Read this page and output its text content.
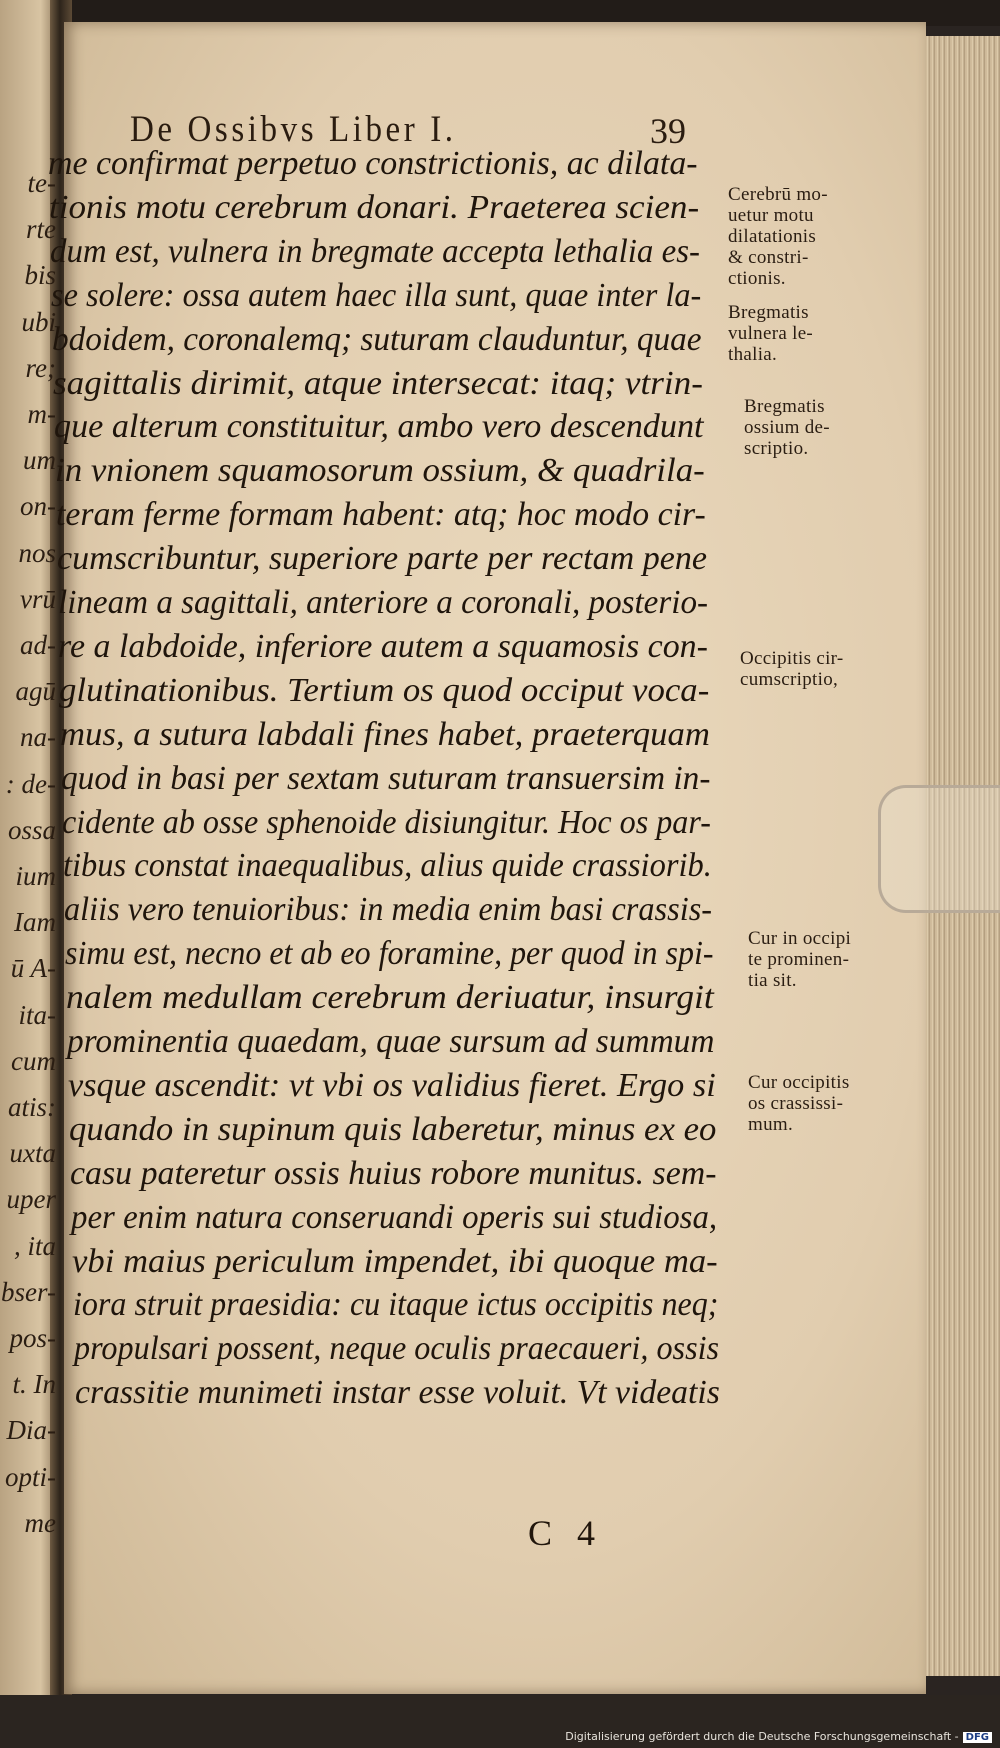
te-
rte
bis
ubi
re;
m-
um
on-
nos
vrū
ad-
agū
na-
: de-
ossa
ium
Iam
ū A-
ita-
cum
atis:
uxta
uper
, ita
bser-
pos-
t. In
Dia-
opti-
me
De Ossibvs Liber I.	39
me confirmat perpetuo constrictionis, ac dilata-
tionis motu cerebrum donari. Praeterea scien-
dum est, vulnera in bregmate accepta lethalia es-
se solere: ossa autem haec illa sunt, quae inter la-
bdoidem, coronalemq; suturam clauduntur, quae
sagittalis dirimit, atque intersecat: itaq; vtrin-
que alterum constituitur, ambo vero descendunt
in vnionem squamosorum ossium, & quadrila-
teram ferme formam habent: atq; hoc modo cir-
cumscribuntur, superiore parte per rectam pene
lineam a sagittali, anteriore a coronali, posterio-
re a labdoide, inferiore autem a squamosis con-
glutinationibus. Tertium os quod occiput voca-
mus, a sutura labdali fines habet, praeterquam
quod in basi per sextam suturam transuersim in-
cidente ab osse sphenoide disiungitur. Hoc os par-
tibus constat inaequalibus, alius quide crassiorib.
aliis vero tenuioribus: in media enim basi crassis-
simu est, necno et ab eo foramine, per quod in spi-
nalem medullam cerebrum deriuatur, insurgit
prominentia quaedam, quae sursum ad summum
vsque ascendit: vt vbi os validius fieret. Ergo si
quando in supinum quis laberetur, minus ex eo
casu pateretur ossis huius robore munitus. sem-
per enim natura conseruandi operis sui studiosa,
vbi maius periculum impendet, ibi quoque ma-
iora struit praesidia: cu itaque ictus occipitis neq;
propulsari possent, neque oculis praecaueri, ossis
crassitie munimeti instar esse voluit. Vt videatis
Cerebrū mo-
uetur motu
dilatationis
& constri-
ctionis.
Bregmatis
vulnera le-
thalia.
Bregmatis
ossium de-
scriptio.
Occipitis cir-
cumscriptio,
Cur in occipi
te prominen-
tia sit.
Cur occipitis
os crassissi-
mum.
C 4
Digitalisierung gefördert durch die Deutsche Forschungsgemeinschaft - DFG
